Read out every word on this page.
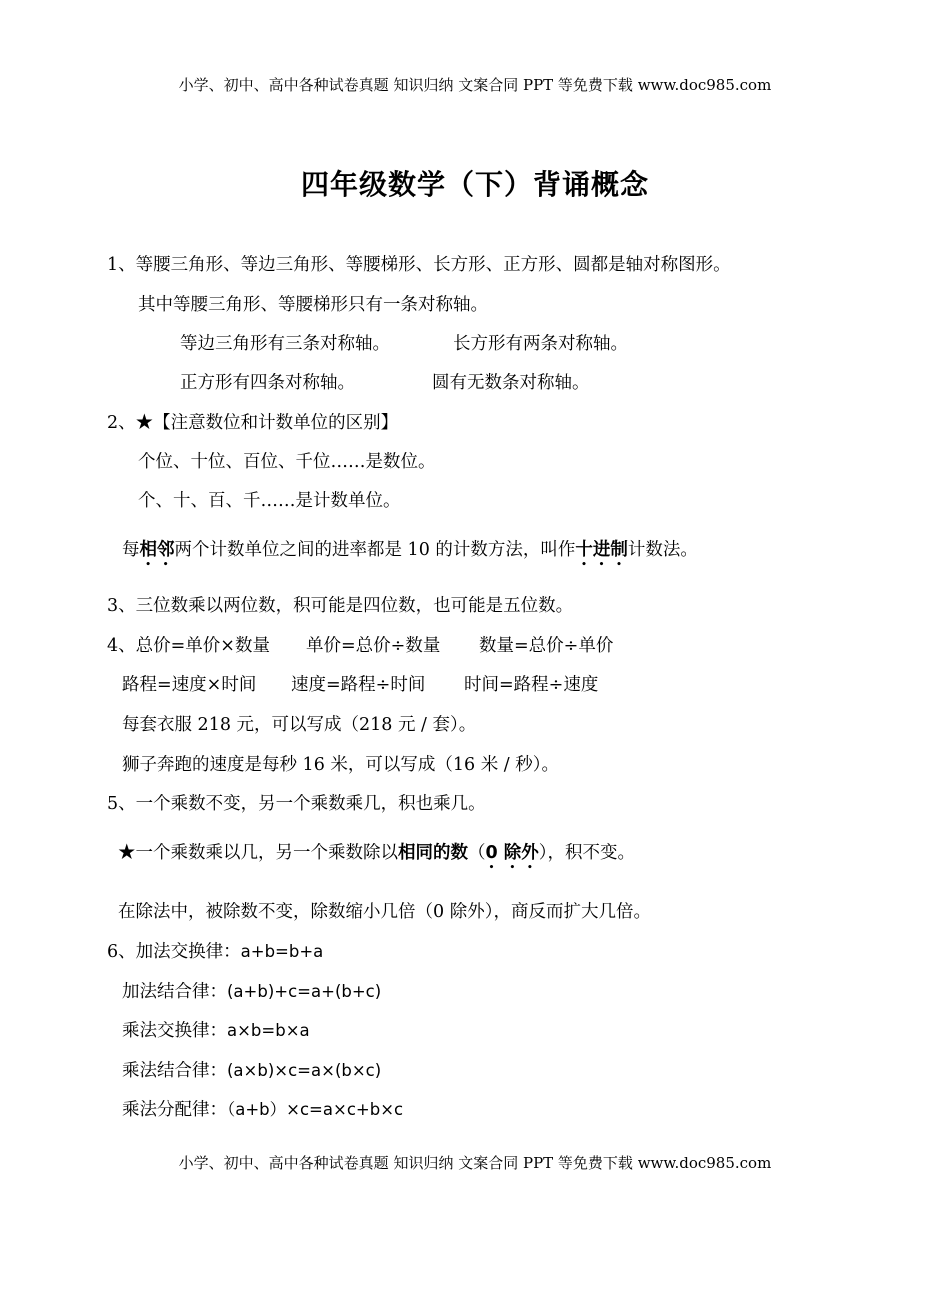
小学、初中、高中各种试卷真题 知识归纳 文案合同 PPT 等免费下载 www.doc985.com
四年级数学（下）背诵概念
1、等腰三角形、等边三角形、等腰梯形、长方形、正方形、圆都是轴对称图形。
其中等腰三角形、等腰梯形只有一条对称轴。
等边三角形有三条对称轴。	长方形有两条对称轴。
正方形有四条对称轴。	圆有无数条对称轴。
2、★【注意数位和计数单位的区别】
个位、十位、百位、千位……是数位。
个、十、百、千……是计数单位。
每相邻两个计数单位之间的进率都是 10 的计数方法，叫作十进制计数法。
3、三位数乘以两位数，积可能是四位数，也可能是五位数。
4、总价=单价×数量 单价=总价÷数量 数量=总价÷单价
路程=速度×时间 速度=路程÷时间 时间=路程÷速度
每套衣服 218 元，可以写成（218 元 / 套）。
狮子奔跑的速度是每秒 16 米，可以写成（16 米 / 秒）。
5、一个乘数不变，另一个乘数乘几，积也乘几。
★一个乘数乘以几，另一个乘数除以相同的数（0 除外），积不变。
在除法中，被除数不变，除数缩小几倍（0 除外），商反而扩大几倍。
6、加法交换律：a+b=b+a
加法结合律：(a+b)+c=a+(b+c)
乘法交换律：a×b=b×a
乘法结合律：(a×b)×c=a×(b×c)
乘法分配律：（a+b）×c=a×c+b×c
小学、初中、高中各种试卷真题 知识归纳 文案合同 PPT 等免费下载 www.doc985.com
